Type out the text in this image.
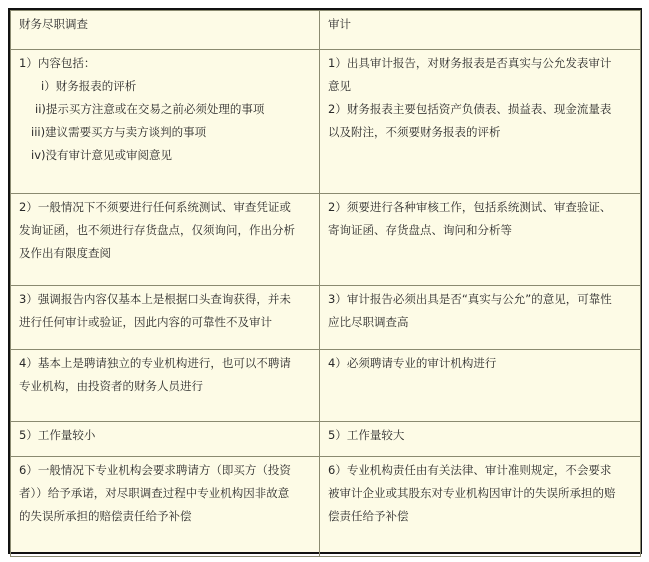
财务尽职调查	审计

1）内容包括：
i）财务报表的评析
ii)提示买方注意或在交易之前必须处理的事项
iii)建议需要买方与卖方谈判的事项
iv)没有审计意见或审阅意见	1）出具审计报告，对财务报表是否真实与公允发表审计
意见
2）财务报表主要包括资产负债表、损益表、现金流量表
以及附注，不须要财务报表的评析

2）一般情况下不须要进行任何系统测试、审查凭证或
发询证函，也不须进行存货盘点，仅须询问，作出分析
及作出有限度查阅	2）须要进行各种审核工作，包括系统测试、审查验证、
寄询证函、存货盘点、询问和分析等

3）强调报告内容仅基本上是根据口头查询获得，并未
进行任何审计或验证，因此内容的可靠性不及审计	3）审计报告必须出具是否“真实与公允”的意见，可靠性
应比尽职调查高

4）基本上是聘请独立的专业机构进行，也可以不聘请
专业机构，由投资者的财务人员进行	4）必须聘请专业的审计机构进行

5）工作量较小	5）工作量较大

6）一般情况下专业机构会要求聘请方（即买方（投资
者））给予承诺，对尽职调查过程中专业机构因非故意
的失误所承担的赔偿责任给予补偿	6）专业机构责任由有关法律、审计准则规定，不会要求
被审计企业或其股东对专业机构因审计的失误所承担的赔
偿责任给予补偿
